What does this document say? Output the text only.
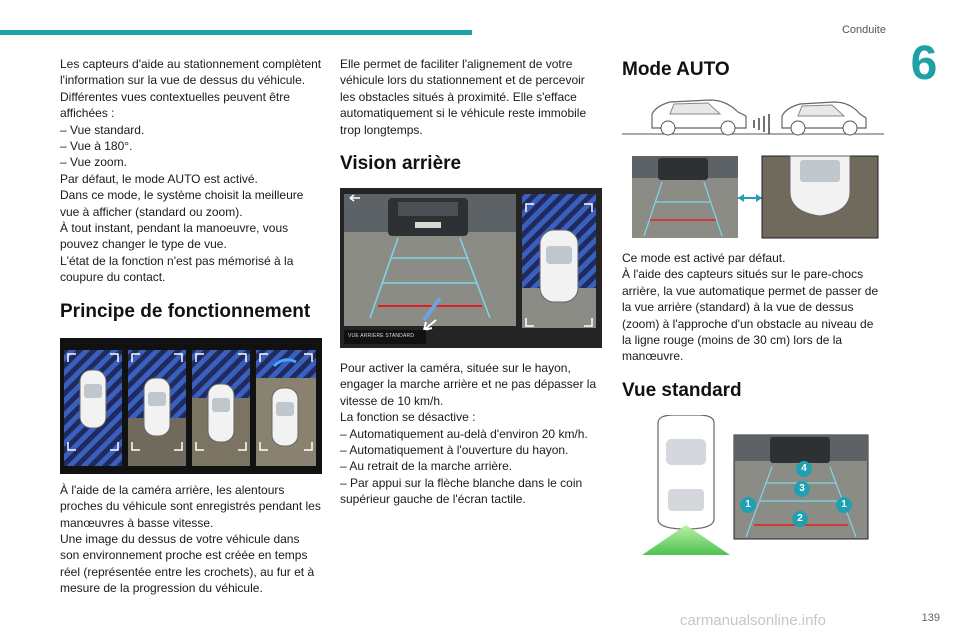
Conduite
6

Les capteurs d'aide au stationnement complètent l'information sur la vue de dessus du véhicule.

Différentes vues contextuelles peuvent être affichées :

– Vue standard.

– Vue à 180°.

– Vue zoom.

Par défaut, le mode AUTO est activé.

Dans ce mode, le système choisit la meilleure vue à afficher (standard ou zoom).

À tout instant, pendant la manoeuvre, vous pouvez changer le type de vue.

L'état de la fonction n'est pas mémorisé à la coupure du contact.

Principe de fonctionnement

À l'aide de la caméra arrière, les alentours proches du véhicule sont enregistrés pendant les manœuvres à basse vitesse.

Une image du dessus de votre véhicule dans son environnement proche est créée en temps réel (représentée entre les crochets), au fur et à mesure de la progression du véhicule.

Elle permet de faciliter l'alignement de votre véhicule lors du stationnement et de percevoir les obstacles situés à proximité. Elle s'efface automatiquement si le véhicule reste immobile trop longtemps.

Vision arrière
VUE ARRIERE STANDARD

Pour activer la caméra, située sur le hayon, engager la marche arrière et ne pas dépasser la vitesse de 10 km/h.

La fonction se désactive :

– Automatiquement au-delà d'environ 20 km/h.

– Automatiquement à l'ouverture du hayon.

– Au retrait de la marche arrière.

– Par appui sur la flèche blanche dans le coin supérieur gauche de l'écran tactile.

Mode AUTO

Ce mode est activé par défaut.

À l'aide des capteurs situés sur le pare-chocs arrière, la vue automatique permet de passer de la vue arrière (standard) à la vue de dessus (zoom) à l'approche d'un obstacle au niveau de la ligne rouge (moins de 30 cm) lors de la manœuvre.

Vue standard
1
2
3
4
1
carmanualsonline.info	139
